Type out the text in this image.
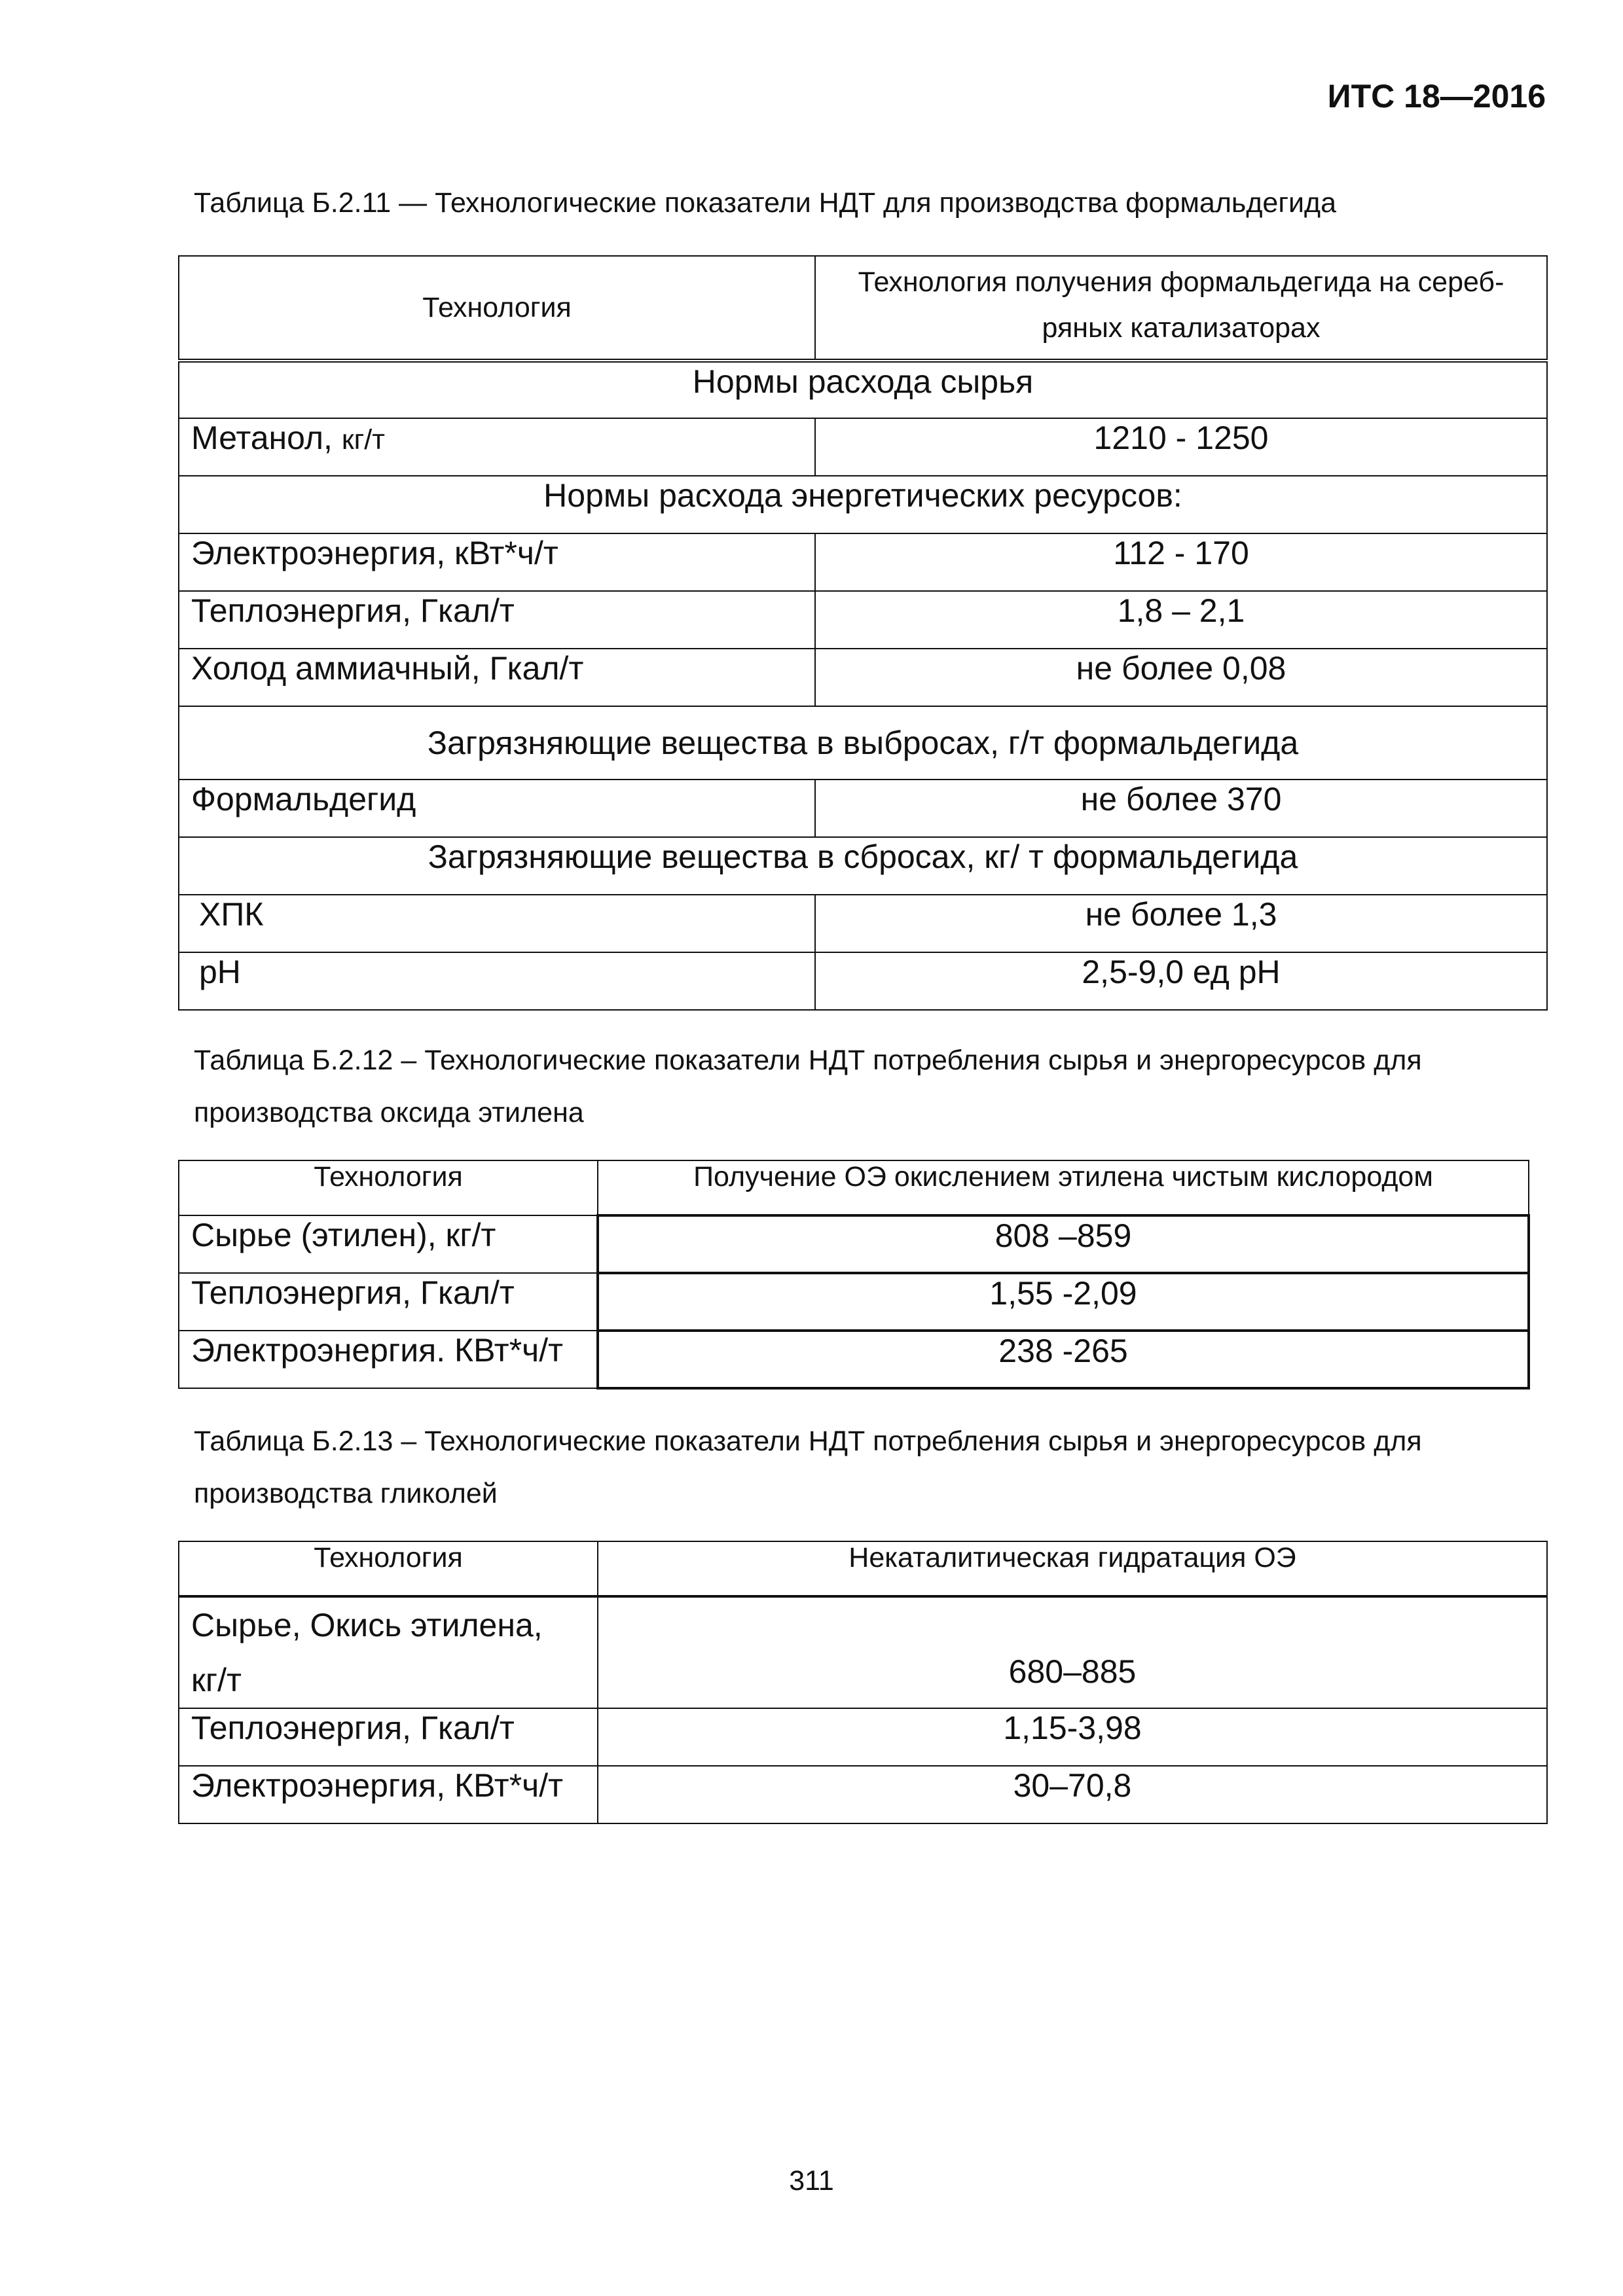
ИТС 18—2016
Таблица Б.2.11 — Технологические показатели НДТ для производства формальдегида
Технология	Технология получения формальдегида на сереб-
ряных катализаторах
Нормы расхода сырья	
Метанол, кг/т	1210 - 1250
Нормы расхода энергетических ресурсов:	
Электроэнергия, кВт*ч/т	112 - 170
Теплоэнергия, Гкал/т	1,8 – 2,1
Холод аммиачный, Гкал/т	не более 0,08
Загрязняющие вещества в выбросах, г/т формальдегида	
Формальдегид	не более 370
Загрязняющие вещества в сбросах, кг/ т формальдегида	
ХПК	не более 1,3
pH	2,5-9,0 ед pH
Таблица Б.2.12 – Технологические показатели НДТ потребления сырья и энергоресурсов для производства оксида этилена
Технология	Получение ОЭ окислением этилена чистым кислородом
Сырье (этилен), кг/т	808 –859
Теплоэнергия, Гкал/т	1,55 -2,09
Электроэнергия. КВт*ч/т	238 -265
Таблица Б.2.13 – Технологические показатели НДТ потребления сырья и энергоресурсов для производства гликолей
Технология	Некаталитическая гидратация ОЭ
Сырье, Окись этилена,
кг/т	680–885
Теплоэнергия, Гкал/т	1,15-3,98
Электроэнергия, КВт*ч/т	30–70,8
311
